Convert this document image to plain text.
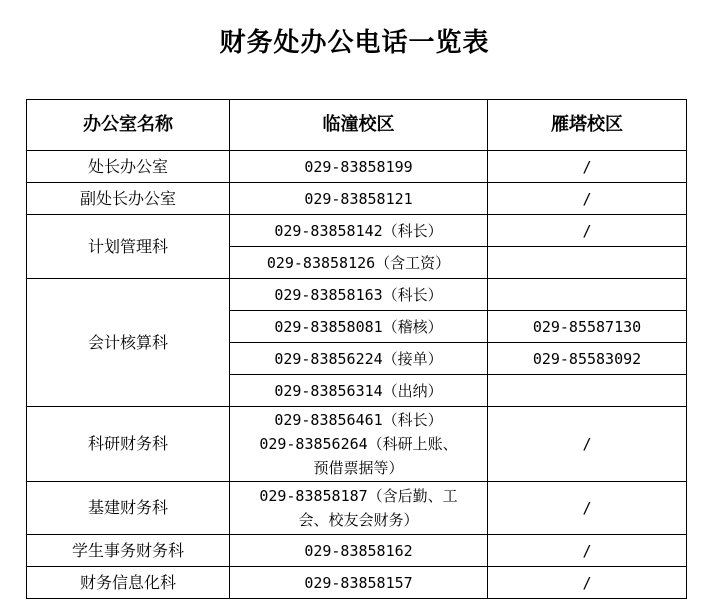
财务处办公电话一览表
办公室名称	临潼校区	雁塔校区
处长办公室	029-83858199	/
副处长办公室	029-83858121	/
计划管理科	029-83858142（科长）	/
	029-83858126（含工资）	
会计核算科	029-83858163（科长）	
	029-83858081（稽核）	029-85587130
	029-83856224（接单）	029-85583092
	029-83856314（出纳）	
科研财务科	029-83856461（科长）
029-83856264（科研上账、
预借票据等）	/
基建财务科	029-83858187（含后勤、工
会、校友会财务）	/
学生事务财务科	029-83858162	/
财务信息化科	029-83858157	/
